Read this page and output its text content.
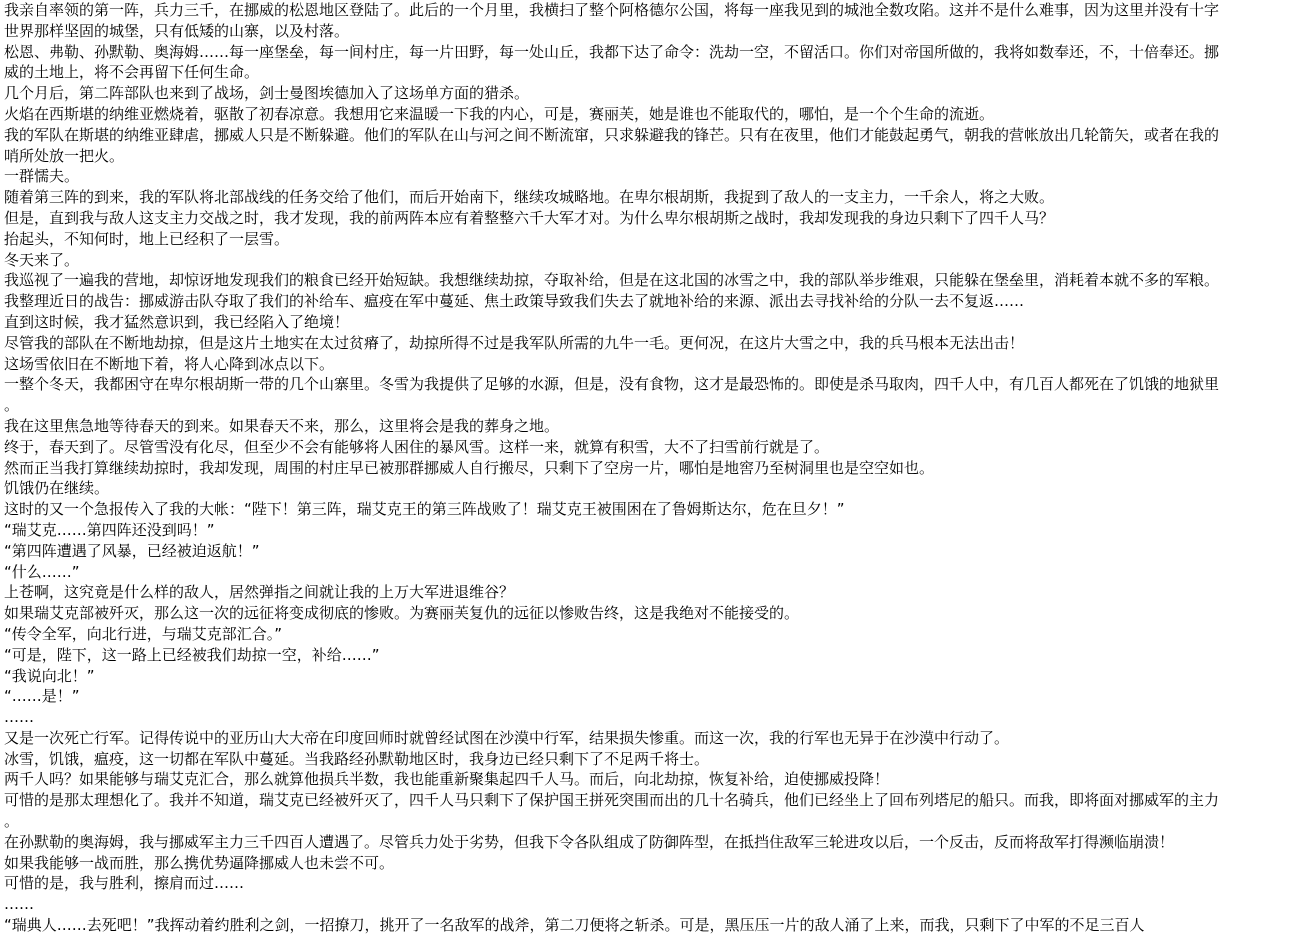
我亲自率领的第一阵，兵力三千，在挪威的松恩地区登陆了。此后的一个月里，我横扫了整个阿格德尔公国，将每一座我见到的城池全数攻陷。这并不是什么难事，因为这里并没有十字

世界那样坚固的城堡，只有低矮的山寨，以及村落。

松恩、弗勒、孙默勒、奥海姆……每一座堡垒，每一间村庄，每一片田野，每一处山丘，我都下达了命令：洗劫一空，不留活口。你们对帝国所做的，我将如数奉还，不，十倍奉还。挪

威的土地上，将不会再留下任何生命。

几个月后，第二阵部队也来到了战场，剑士曼图埃德加入了这场单方面的猎杀。

火焰在西斯堪的纳维亚燃烧着，驱散了初春凉意。我想用它来温暖一下我的内心，可是，赛丽芙，她是谁也不能取代的，哪怕，是一个个生命的流逝。

我的军队在斯堪的纳维亚肆虐，挪威人只是不断躲避。他们的军队在山与河之间不断流窜，只求躲避我的锋芒。只有在夜里，他们才能鼓起勇气，朝我的营帐放出几轮箭矢，或者在我的

哨所处放一把火。

一群懦夫。

随着第三阵的到来，我的军队将北部战线的任务交给了他们，而后开始南下，继续攻城略地。在卑尔根胡斯，我捉到了敌人的一支主力，一千余人，将之大败。

但是，直到我与敌人这支主力交战之时，我才发现，我的前两阵本应有着整整六千大军才对。为什么卑尔根胡斯之战时，我却发现我的身边只剩下了四千人马？

抬起头，不知何时，地上已经积了一层雪。

冬天来了。

我巡视了一遍我的营地，却惊讶地发现我们的粮食已经开始短缺。我想继续劫掠，夺取补给，但是在这北国的冰雪之中，我的部队举步维艰，只能躲在堡垒里，消耗着本就不多的军粮。

我整理近日的战告：挪威游击队夺取了我们的补给车、瘟疫在军中蔓延、焦土政策导致我们失去了就地补给的来源、派出去寻找补给的分队一去不复返……

直到这时候，我才猛然意识到，我已经陷入了绝境！

尽管我的部队在不断地劫掠，但是这片土地实在太过贫瘠了，劫掠所得不过是我军队所需的九牛一毛。更何况，在这片大雪之中，我的兵马根本无法出击！

这场雪依旧在不断地下着，将人心降到冰点以下。

一整个冬天，我都困守在卑尔根胡斯一带的几个山寨里。冬雪为我提供了足够的水源，但是，没有食物，这才是最恐怖的。即使是杀马取肉，四千人中，有几百人都死在了饥饿的地狱里

。

我在这里焦急地等待春天的到来。如果春天不来，那么，这里将会是我的葬身之地。

终于，春天到了。尽管雪没有化尽，但至少不会有能够将人困住的暴风雪。这样一来，就算有积雪，大不了扫雪前行就是了。

然而正当我打算继续劫掠时，我却发现，周围的村庄早已被那群挪威人自行搬尽，只剩下了空房一片，哪怕是地窖乃至树洞里也是空空如也。

饥饿仍在继续。

这时的又一个急报传入了我的大帐：“陛下！第三阵，瑞艾克王的第三阵战败了！瑞艾克王被围困在了鲁姆斯达尔，危在旦夕！”

“瑞艾克……第四阵还没到吗！”

“第四阵遭遇了风暴，已经被迫返航！”

“什么……”

上苍啊，这究竟是什么样的敌人，居然弹指之间就让我的上万大军进退维谷？

如果瑞艾克部被歼灭，那么这一次的远征将变成彻底的惨败。为赛丽芙复仇的远征以惨败告终，这是我绝对不能接受的。

“传令全军，向北行进，与瑞艾克部汇合。”

“可是，陛下，这一路上已经被我们劫掠一空，补给……”

“我说向北！”

“……是！”

……

又是一次死亡行军。记得传说中的亚历山大大帝在印度回师时就曾经试图在沙漠中行军，结果损失惨重。而这一次，我的行军也无异于在沙漠中行动了。

冰雪，饥饿，瘟疫，这一切都在军队中蔓延。当我路经孙默勒地区时，我身边已经只剩下了不足两千将士。

两千人吗？如果能够与瑞艾克汇合，那么就算他损兵半数，我也能重新聚集起四千人马。而后，向北劫掠，恢复补给，迫使挪威投降！

可惜的是那太理想化了。我并不知道，瑞艾克已经被歼灭了，四千人马只剩下了保护国王拼死突围而出的几十名骑兵，他们已经坐上了回布列塔尼的船只。而我，即将面对挪威军的主力

。

在孙默勒的奥海姆，我与挪威军主力三千四百人遭遇了。尽管兵力处于劣势，但我下令各队组成了防御阵型，在抵挡住敌军三轮进攻以后，一个反击，反而将敌军打得濒临崩溃！

如果我能够一战而胜，那么携优势逼降挪威人也未尝不可。

可惜的是，我与胜利，擦肩而过……

……

“瑞典人……去死吧！”我挥动着约胜利之剑，一招撩刀，挑开了一名敌军的战斧，第二刀便将之斩杀。可是，黑压压一片的敌人涌了上来，而我，只剩下了中军的不足三百人
